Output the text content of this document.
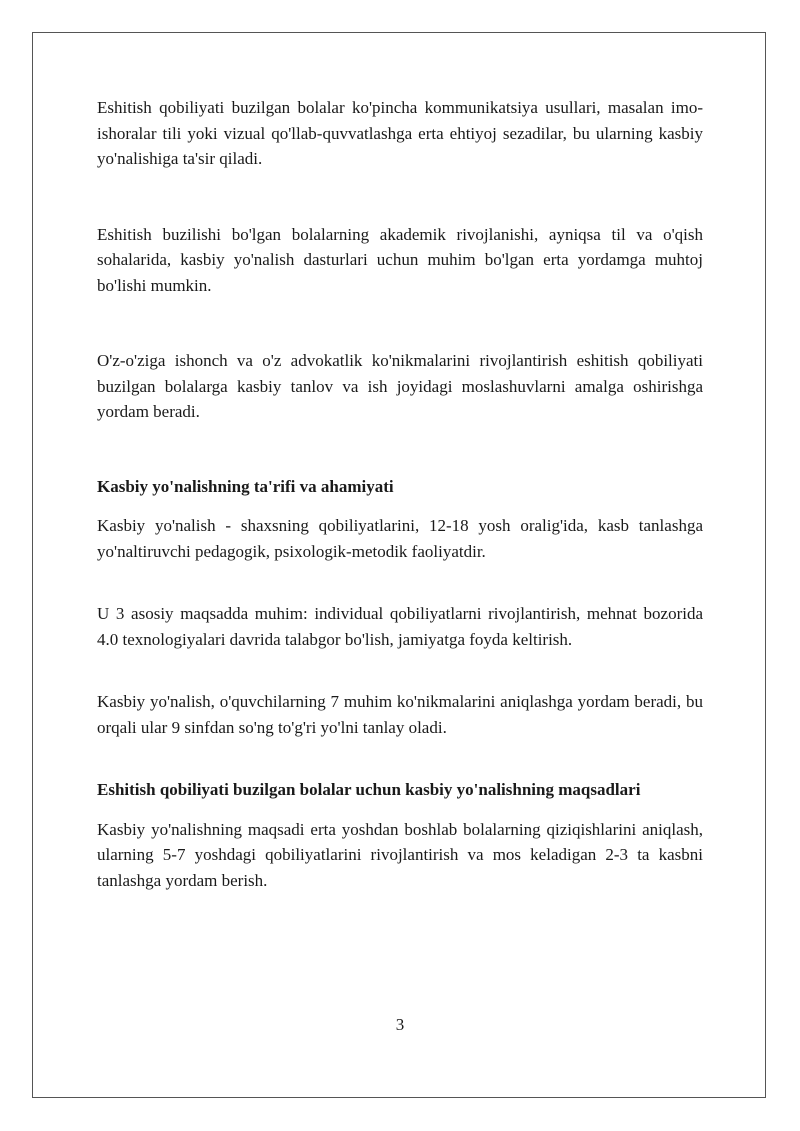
Eshitish qobiliyati buzilgan bolalar ko'pincha kommunikatsiya usullari, masalan imo-ishoralar tili yoki vizual qo'llab-quvvatlashga erta ehtiyoj sezadilar, bu ularning kasbiy yo'nalishiga ta'sir qiladi.

Eshitish buzilishi bo'lgan bolalarning akademik rivojlanishi, ayniqsa til va o'qish sohalarida, kasbiy yo'nalish dasturlari uchun muhim bo'lgan erta yordamga muhtoj bo'lishi mumkin.

O'z-o'ziga ishonch va o'z advokatlik ko'nikmalarini rivojlantirish eshitish qobiliyati buzilgan bolalarga kasbiy tanlov va ish joyidagi moslashuvlarni amalga oshirishga yordam beradi.

Kasbiy yo'nalishning ta'rifi va ahamiyati

Kasbiy yo'nalish - shaxsning qobiliyatlarini, 12-18 yosh oralig'ida, kasb tanlashga yo'naltiruvchi pedagogik, psixologik-metodik faoliyatdir.

U 3 asosiy maqsadda muhim: individual qobiliyatlarni rivojlantirish, mehnat bozorida 4.0 texnologiyalari davrida talabgor bo'lish, jamiyatga foyda keltirish.

Kasbiy yo'nalish, o'quvchilarning 7 muhim ko'nikmalarini aniqlashga yordam beradi, bu orqali ular 9 sinfdan so'ng to'g'ri yo'lni tanlay oladi.

Eshitish qobiliyati buzilgan bolalar uchun kasbiy yo'nalishning maqsadlari

Kasbiy yo'nalishning maqsadi erta yoshdan boshlab bolalarning qiziqishlarini aniqlash, ularning 5-7 yoshdagi qobiliyatlarini rivojlantirish va mos keladigan 2-3 ta kasbni tanlashga yordam berish.

3
